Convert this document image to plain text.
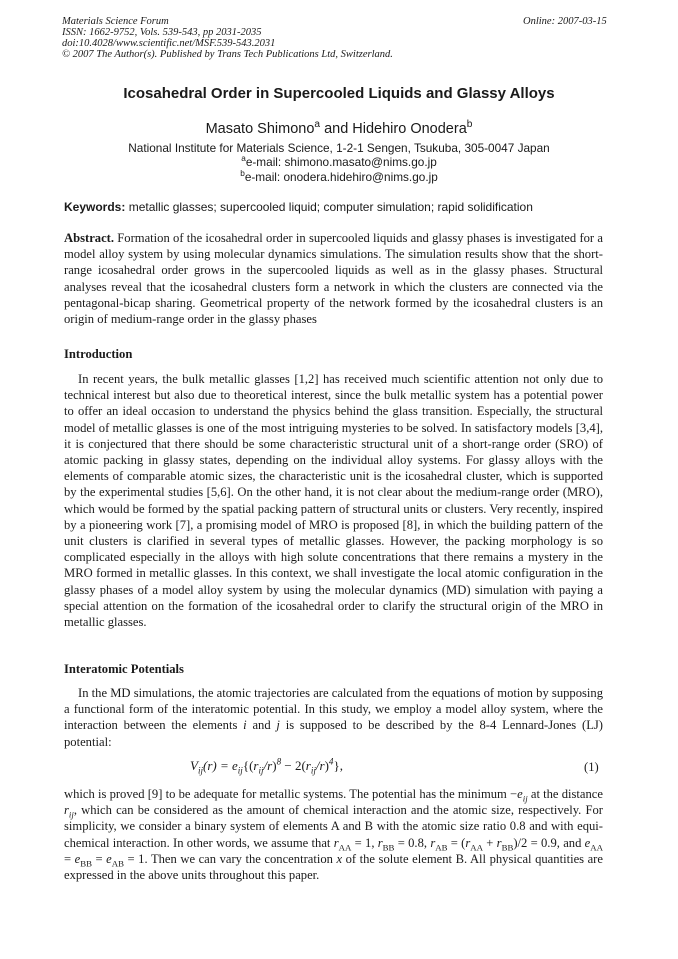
Materials Science Forum	Online: 2007-03-15
ISSN: 1662-9752, Vols. 539-543, pp 2031-2035
doi:10.4028/www.scientific.net/MSF.539-543.2031
© 2007 The Author(s). Published by Trans Tech Publications Ltd, Switzerland.
Icosahedral Order in Supercooled Liquids and Glassy Alloys
Masato Shimono$^a$ and Hidehiro Onodera$^b$
National Institute for Materials Science, 1-2-1 Sengen, Tsukuba, 305-0047 Japan
$^a$e-mail: shimono.masato@nims.go.jp
$^b$e-mail: onodera.hidehiro@nims.go.jp
Keywords: metallic glasses; supercooled liquid; computer simulation; rapid solidification
Abstract. Formation of the icosahedral order in supercooled liquids and glassy phases is investigated for a model alloy system by using molecular dynamics simulations. The simulation results show that the short-range icosahedral order grows in the supercooled liquids as well as in the glassy phases. Structural analyses reveal that the icosahedral clusters form a network in which the clusters are connected via the pentagonal-bicap sharing. Geometrical property of the network formed by the icosahedral clusters is an origin of medium-range order in the glassy phases
Introduction
In recent years, the bulk metallic glasses [1,2] has received much scientific attention not only due to technical interest but also due to theoretical interest, since the bulk metallic system has a potential power to offer an ideal occasion to understand the physics behind the glass transition. Especially, the structural model of metallic glasses is one of the most intriguing mysteries to be solved. In satisfactory models [3,4], it is conjectured that there should be some characteristic structural unit of a short-range order (SRO) of atomic packing in glassy states, depending on the individual alloy systems. For glassy alloys with the elements of comparable atomic sizes, the characteristic unit is the icosahedral cluster, which is supported by the experimental studies [5,6]. On the other hand, it is not clear about the medium-range order (MRO), which would be formed by the spatial packing pattern of structural units or clusters. Very recently, inspired by a pioneering work [7], a promising model of MRO is proposed [8], in which the building pattern of the unit clusters is clarified in several types of metallic glasses. However, the packing morphology is so complicated especially in the alloys with high solute concentrations that there remains a mystery in the MRO formed in metallic glasses. In this context, we shall investigate the local atomic configuration in the glassy phases of a model alloy system by using the molecular dynamics (MD) simulation with paying a special attention on the formation of the icosahedral order to clarify the structural origin of the MRO in metallic glasses.
Interatomic Potentials
In the MD simulations, the atomic trajectories are calculated from the equations of motion by supposing a functional form of the interatomic potential. In this study, we employ a model alloy system, where the interaction between the elements i and j is supposed to be described by the 8-4 Lennard-Jones (LJ) potential:
$V_{ij}(r) = e_{ij}\{(r_{ij}/r)^8 - 2(r_{ij}/r)^4\}$,	(1)
which is proved [9] to be adequate for metallic systems. The potential has the minimum $-e_{ij}$ at the distance $r_{ij}$, which can be considered as the amount of chemical interaction and the atomic size, respectively. For simplicity, we consider a binary system of elements A and B with the atomic size ratio 0.8 and with equi-chemical interaction. In other words, we assume that $r_{AA} = 1$, $r_{BB} = 0.8$, $r_{AB} = (r_{AA} + r_{BB})/2 = 0.9$, and $e_{AA} = e_{BB} = e_{AB} = 1$. Then we can vary the concentration x of the solute element B. All physical quantities are expressed in the above units throughout this paper.
